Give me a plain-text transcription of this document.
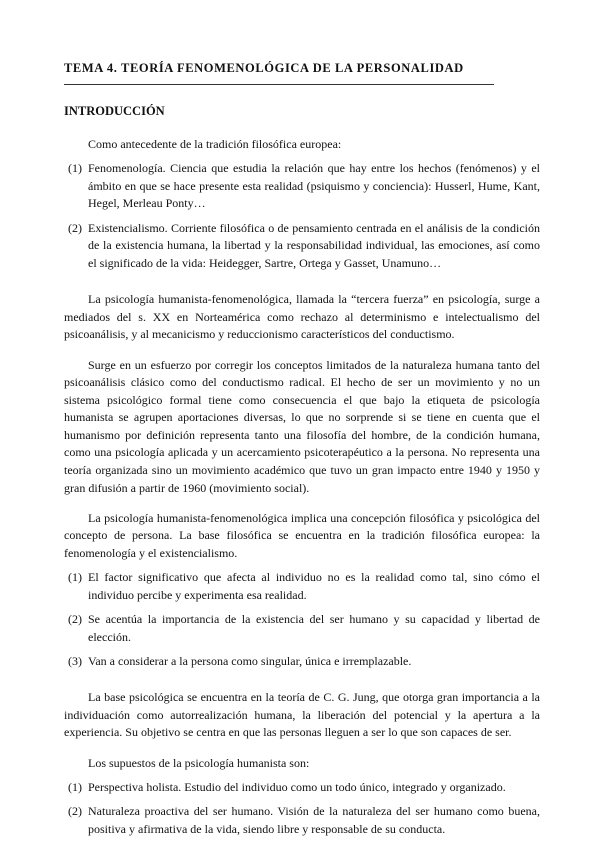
TEMA 4. TEORÍA FENOMENOLÓGICA DE LA PERSONALIDAD
INTRODUCCIÓN

Como antecedente de la tradición filosófica europea:

(1) Fenomenología. Ciencia que estudia la relación que hay entre los hechos (fenómenos) y el ámbito en que se hace presente esta realidad (psiquismo y conciencia): Husserl, Hume, Kant, Hegel, Merleau Ponty…
(2) Existencialismo. Corriente filosófica o de pensamiento centrada en el análisis de la condición de la existencia humana, la libertad y la responsabilidad individual, las emociones, así como el significado de la vida: Heidegger, Sartre, Ortega y Gasset, Unamuno…

La psicología humanista-fenomenológica, llamada la “tercera fuerza” en psicología, surge a mediados del s. XX en Norteamérica como rechazo al determinismo e intelectualismo del psicoanálisis, y al mecanicismo y reduccionismo característicos del conductismo.

Surge en un esfuerzo por corregir los conceptos limitados de la naturaleza humana tanto del psicoanálisis clásico como del conductismo radical. El hecho de ser un movimiento y no un sistema psicológico formal tiene como consecuencia el que bajo la etiqueta de psicología humanista se agrupen aportaciones diversas, lo que no sorprende si se tiene en cuenta que el humanismo por definición representa tanto una filosofía del hombre, de la condición humana, como una psicología aplicada y un acercamiento psicoterapéutico a la persona. No representa una teoría organizada sino un movimiento académico que tuvo un gran impacto entre 1940 y 1950 y gran difusión a partir de 1960 (movimiento social).

La psicología humanista-fenomenológica implica una concepción filosófica y psicológica del concepto de persona. La base filosófica se encuentra en la tradición filosófica europea: la fenomenología y el existencialismo.

(1) El factor significativo que afecta al individuo no es la realidad como tal, sino cómo el individuo percibe y experimenta esa realidad.
(2) Se acentúa la importancia de la existencia del ser humano y su capacidad y libertad de elección.
(3) Van a considerar a la persona como singular, única e irremplazable.

La base psicológica se encuentra en la teoría de C. G. Jung, que otorga gran importancia a la individuación como autorrealización humana, la liberación del potencial y la apertura a la experiencia. Su objetivo se centra en que las personas lleguen a ser lo que son capaces de ser.

Los supuestos de la psicología humanista son:

(1) Perspectiva holista. Estudio del individuo como un todo único, integrado y organizado.
(2) Naturaleza proactiva del ser humano. Visión de la naturaleza del ser humano como buena, positiva y afirmativa de la vida, siendo libre y responsable de su conducta.
